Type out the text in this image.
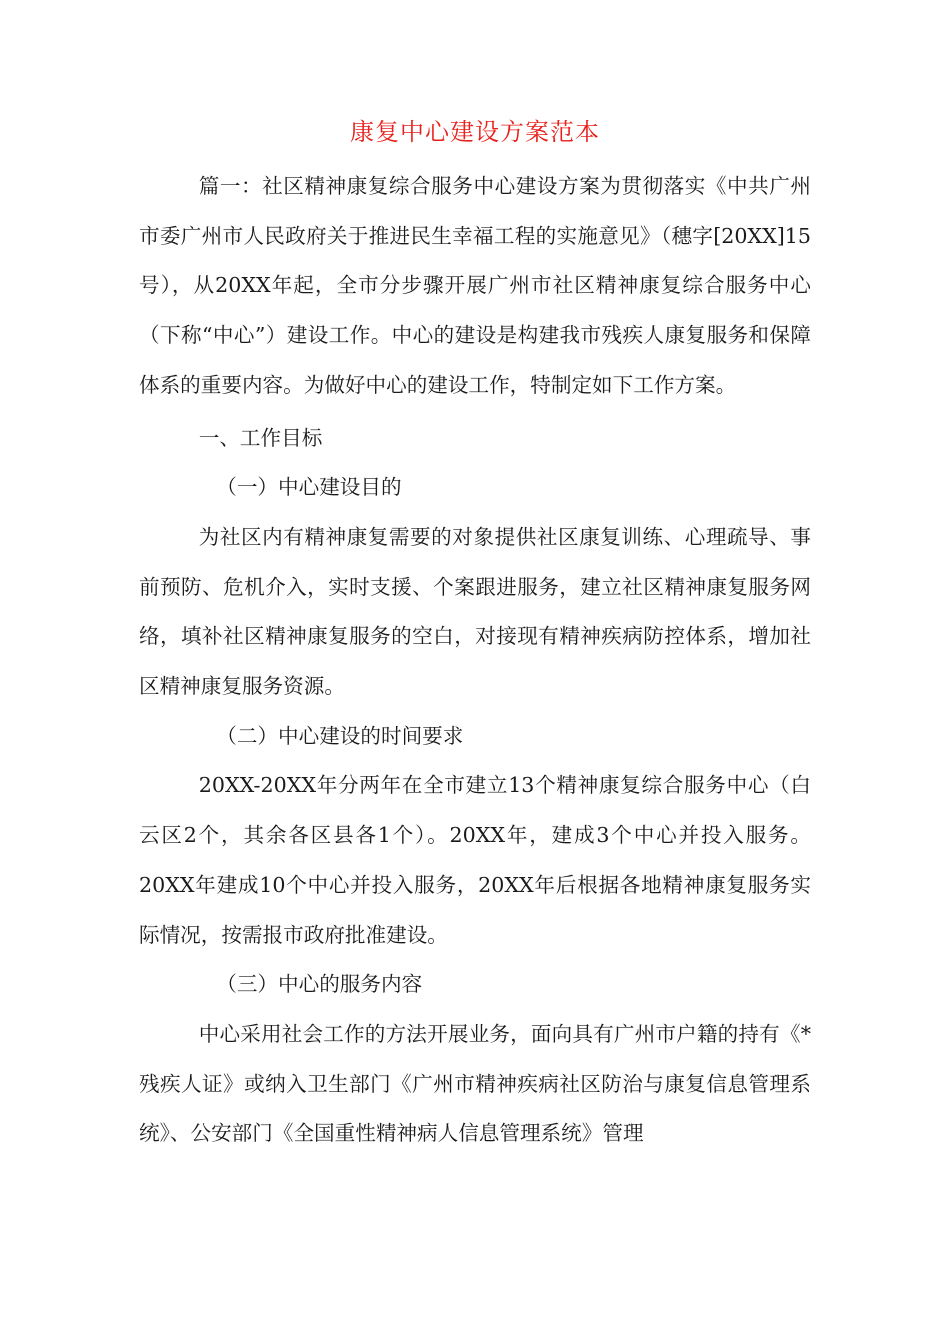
康复中心建设方案范本

篇一：社区精神康复综合服务中心建设方案为贯彻落实《中共广州市委广州市人民政府关于推进民生幸福工程的实施意见》（穗字[20XX]15号），从20XX年起，全市分步骤开展广州市社区精神康复综合服务中心（下称“中心”）建设工作。中心的建设是构建我市残疾人康复服务和保障体系的重要内容。为做好中心的建设工作，特制定如下工作方案。

一、工作目标

（一）中心建设目的

为社区内有精神康复需要的对象提供社区康复训练、心理疏导、事前预防、危机介入，实时支援、个案跟进服务，建立社区精神康复服务网络，填补社区精神康复服务的空白，对接现有精神疾病防控体系，增加社区精神康复服务资源。

（二）中心建设的时间要求

20XX-20XX年分两年在全市建立13个精神康复综合服务中心（白云区2个，其余各区县各1个）。20XX年，建成3个中心并投入服务。20XX年建成10个中心并投入服务，20XX年后根据各地精神康复服务实际情况，按需报市政府批准建设。

（三）中心的服务内容

中心采用社会工作的方法开展业务，面向具有广州市户籍的持有《*残疾人证》或纳入卫生部门《广州市精神疾病社区防治与康复信息管理系统》、公安部门《全国重性精神病人信息管理系统》管理
